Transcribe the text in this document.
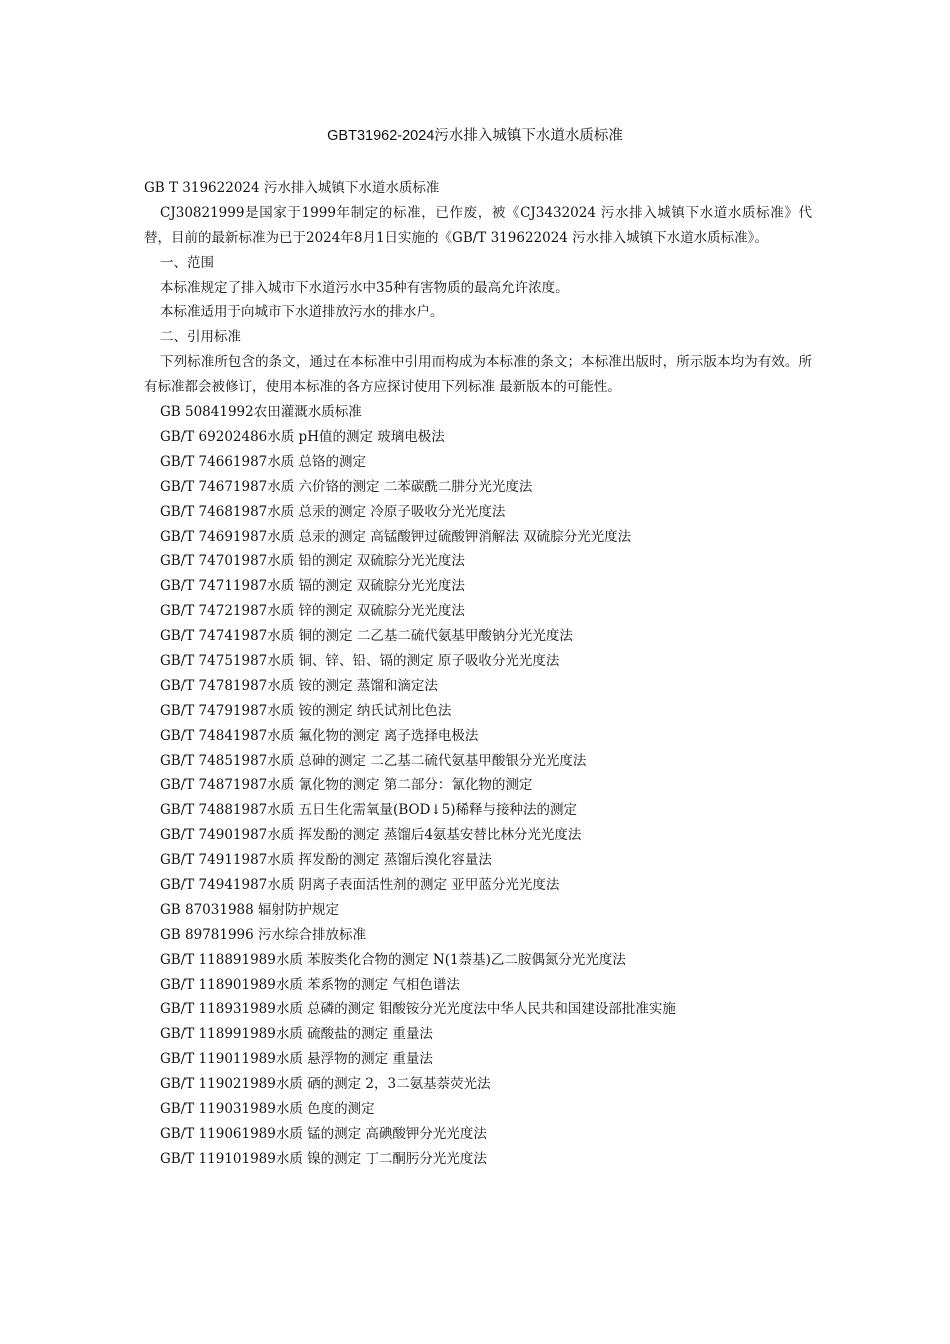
GBT31962-2024污水排入城镇下水道水质标准
GB T 319622024 污水排入城镇下水道水质标准
CJ30821999是国家于1999年制定的标准，已作废，被《CJ3432024 污水排入城镇下水道水质标准》代替，目前的最新标准为已于2024年8月1日实施的《GB/T 319622024 污水排入城镇下水道水质标准》。
一、范围
本标准规定了排入城市下水道污水中35种有害物质的最高允许浓度。
本标准适用于向城市下水道排放污水的排水户。
二、引用标准
下列标准所包含的条文，通过在本标准中引用而构成为本标准的条文；本标准出版时，所示版本均为有效。所有标准都会被修订，使用本标准的各方应探讨使用下列标准 最新版本的可能性。
GB 50841992农田灌溉水质标准
GB/T 69202486水质 pH值的测定 玻璃电极法
GB/T 74661987水质 总铬的测定
GB/T 74671987水质 六价铬的测定 二苯碳酰二肼分光光度法
GB/T 74681987水质 总汞的测定 冷原子吸收分光光度法
GB/T 74691987水质 总汞的测定 高锰酸钾过硫酸钾消解法 双硫腙分光光度法
GB/T 74701987水质 铅的测定 双硫腙分光光度法
GB/T 74711987水质 镉的测定 双硫腙分光光度法
GB/T 74721987水质 锌的测定 双硫腙分光光度法
GB/T 74741987水质 铜的测定 二乙基二硫代氨基甲酸钠分光光度法
GB/T 74751987水质 铜、锌、铅、镉的测定 原子吸收分光光度法
GB/T 74781987水质 铵的测定 蒸馏和滴定法
GB/T 74791987水质 铵的测定 纳氏试剂比色法
GB/T 74841987水质 氟化物的测定 离子选择电极法
GB/T 74851987水质 总砷的测定 二乙基二硫代氨基甲酸银分光光度法
GB/T 74871987水质 氰化物的测定 第二部分：氰化物的测定
GB/T 74881987水质 五日生化需氧量(BOD↓5)稀释与接种法的测定
GB/T 74901987水质 挥发酚的测定 蒸馏后4氨基安替比林分光光度法
GB/T 74911987水质 挥发酚的测定 蒸馏后溴化容量法
GB/T 74941987水质 阴离子表面活性剂的测定 亚甲蓝分光光度法
GB 87031988 辐射防护规定
GB 89781996 污水综合排放标准
GB/T 118891989水质 苯胺类化合物的测定 N(1萘基)乙二胺偶氮分光光度法
GB/T 118901989水质 苯系物的测定 气相色谱法
GB/T 118931989水质 总磷的测定 钼酸铵分光光度法中华人民共和国建设部批准实施
GB/T 118991989水质 硫酸盐的测定 重量法
GB/T 119011989水质 悬浮物的测定 重量法
GB/T 119021989水质 硒的测定 2，3二氨基萘荧光法
GB/T 119031989水质 色度的测定
GB/T 119061989水质 锰的测定 高碘酸钾分光光度法
GB/T 119101989水质 镍的测定 丁二酮肟分光光度法
